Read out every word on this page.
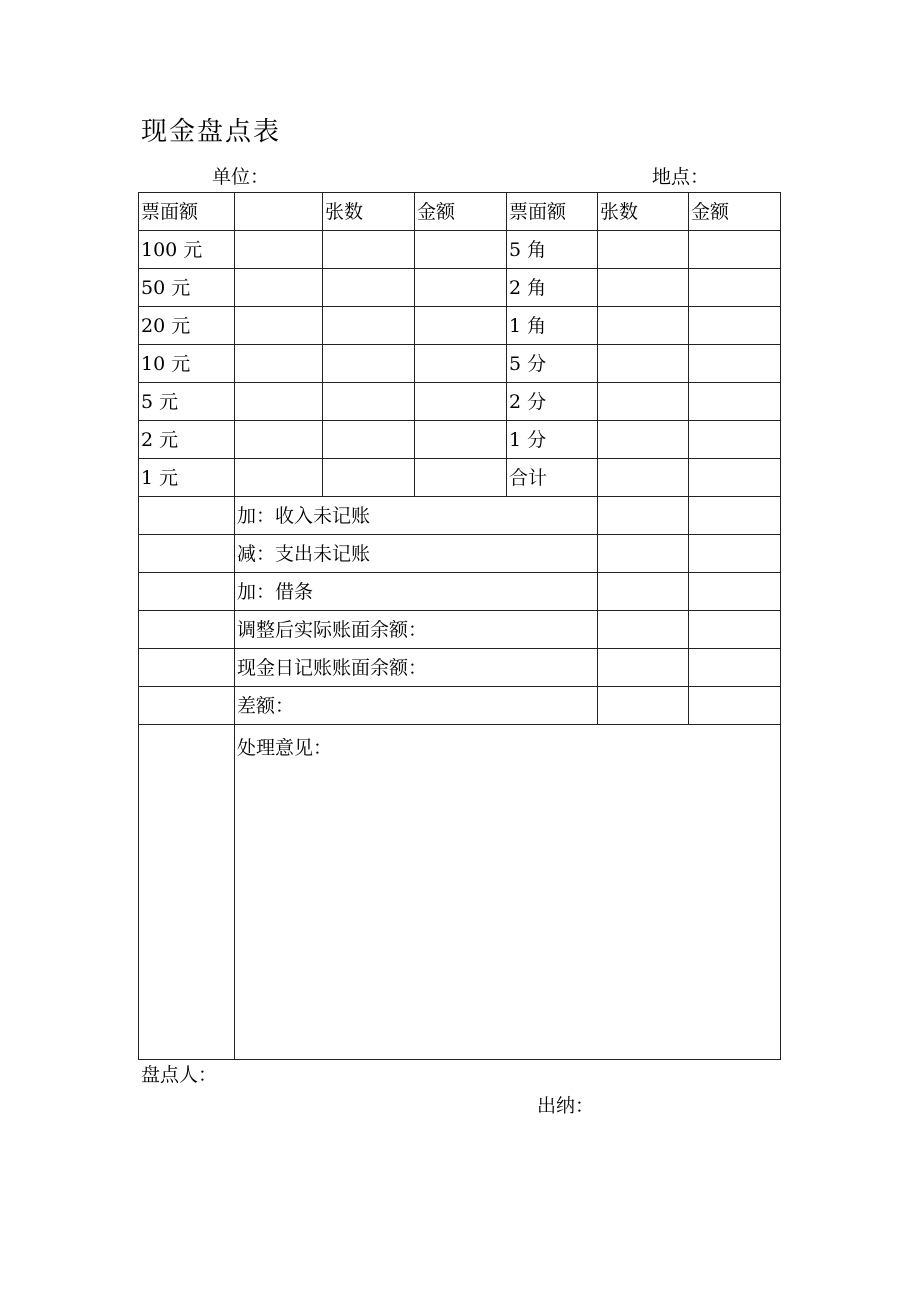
现金盘点表
单位：	地点：
票面额		张数	金额	票面额	张数	金额
100 元				5 角		
50 元				2 角		
20 元				1 角		
10 元				5 分		
5 元				2 分		
2 元				1 分		
1 元				合计		
	加：收入未记账					
	减：支出未记账					
	加：借条					
	调整后实际账面余额：					
	现金日记账账面余额：					
	差额：					
	处理意见：					
盘点人：
出纳：
